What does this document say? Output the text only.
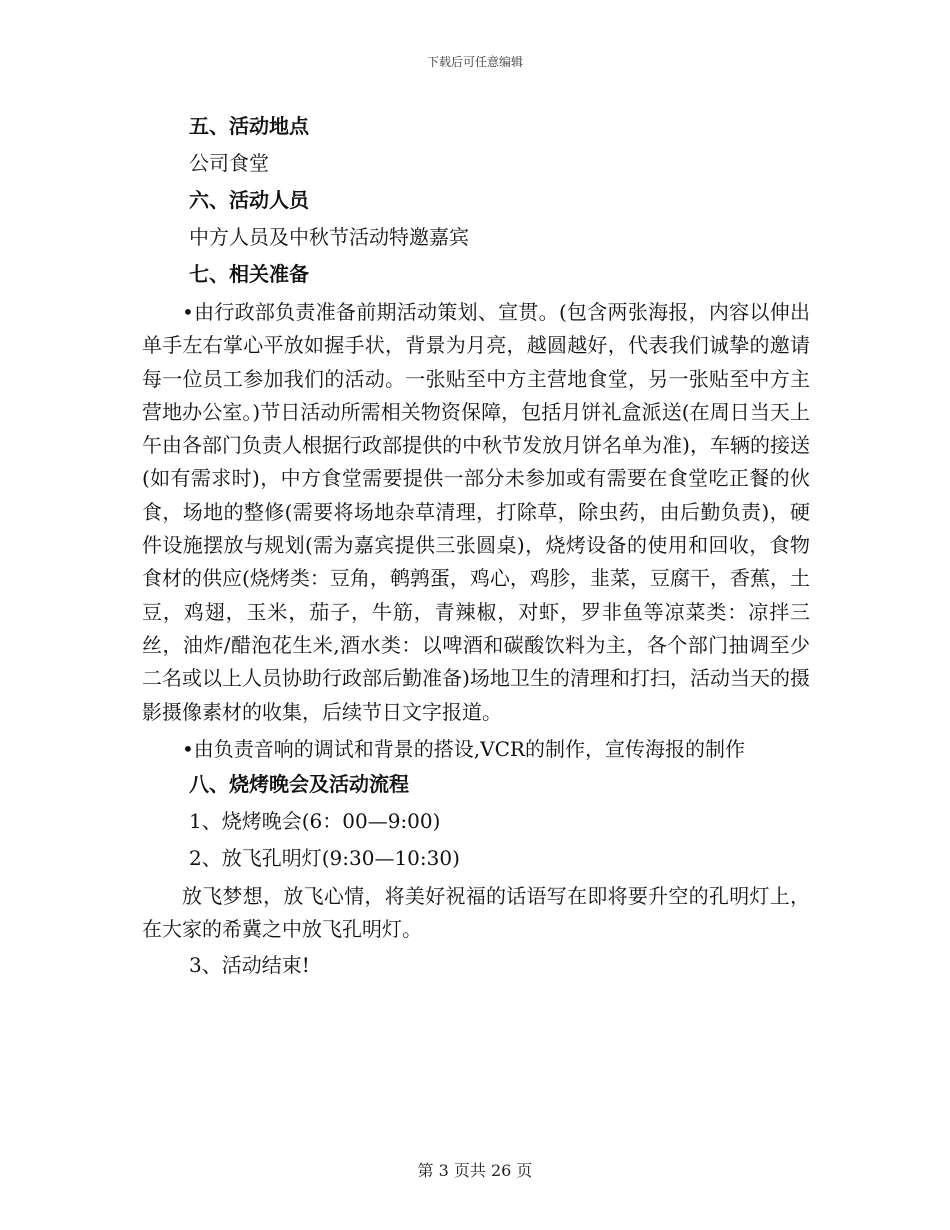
下载后可任意编辑
五、活动地点
公司食堂
六、活动人员
中方人员及中秋节活动特邀嘉宾
七、相关准备

•由行政部负责准备前期活动策划、宣贯。(包含两张海报，内容以伸出单手左右掌心平放如握手状，背景为月亮，越圆越好，代表我们诚挚的邀请每一位员工参加我们的活动。一张贴至中方主营地食堂，另一张贴至中方主营地办公室。)节日活动所需相关物资保障，包括月饼礼盒派送(在周日当天上午由各部门负责人根据行政部提供的中秋节发放月饼名单为准)，车辆的接送(如有需求时)，中方食堂需要提供一部分未参加或有需要在食堂吃正餐的伙食，场地的整修(需要将场地杂草清理，打除草，除虫药，由后勤负责)，硬件设施摆放与规划(需为嘉宾提供三张圆桌)，烧烤设备的使用和回收，食物食材的供应(烧烤类：豆角，鹌鹑蛋，鸡心，鸡胗，韭菜，豆腐干，香蕉，土豆，鸡翅，玉米，茄子，牛筋，青辣椒，对虾，罗非鱼等凉菜类：凉拌三丝，油炸/醋泡花生米,酒水类：以啤酒和碳酸饮料为主，各个部门抽调至少二名或以上人员协助行政部后勤准备)场地卫生的清理和打扫，活动当天的摄影摄像素材的收集，后续节日文字报道。

•由负责音响的调试和背景的搭设,VCR的制作，宣传海报的制作

八、烧烤晚会及活动流程
1、烧烤晚会(6：00—9:00)
2、放飞孔明灯(9:30—10:30)

放飞梦想，放飞心情，将美好祝福的话语写在即将要升空的孔明灯上，在大家的希冀之中放飞孔明灯。

3、活动结束!
第 3 页共 26 页
